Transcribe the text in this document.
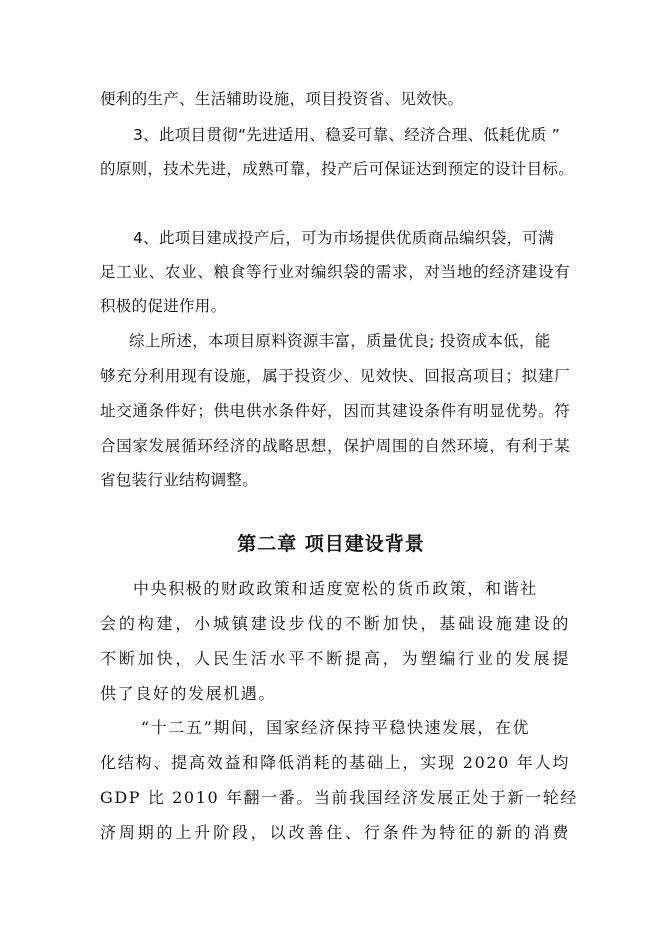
便利的生产、生活辅助设施，项目投资省、见效快。
3、此项目贯彻“先进适用、稳妥可靠、经济合理、低耗优质 ”
的原则，技术先进，成熟可靠，投产后可保证达到预定的设计目标。
4、此项目建成投产后，可为市场提供优质商品编织袋，可满
足工业、农业、粮食等行业对编织袋的需求，对当地的经济建设有
积极的促进作用。
综上所述，本项目原料资源丰富，质量优良; 投资成本低，能
够充分利用现有设施，属于投资少、见效快、回报高项目；拟建厂
址交通条件好；供电供水条件好，因而其建设条件有明显优势。符
合国家发展循环经济的战略思想，保护周围的自然环境，有利于某
省包装行业结构调整。
第二章 项目建设背景
中央积极的财政政策和适度宽松的货币政策，和谐社
会的构建，小城镇建设步伐的不断加快，基础设施建设的
不断加快，人民生活水平不断提高，为塑编行业的发展提
供了良好的发展机遇。
“十二五”期间，国家经济保持平稳快速发展，在优
化结构、提高效益和降低消耗的基础上，实现 2020 年人均
GDP 比 2010 年翻一番。当前我国经济发展正处于新一轮经
济周期的上升阶段，以改善住、行条件为特征的新的消费
